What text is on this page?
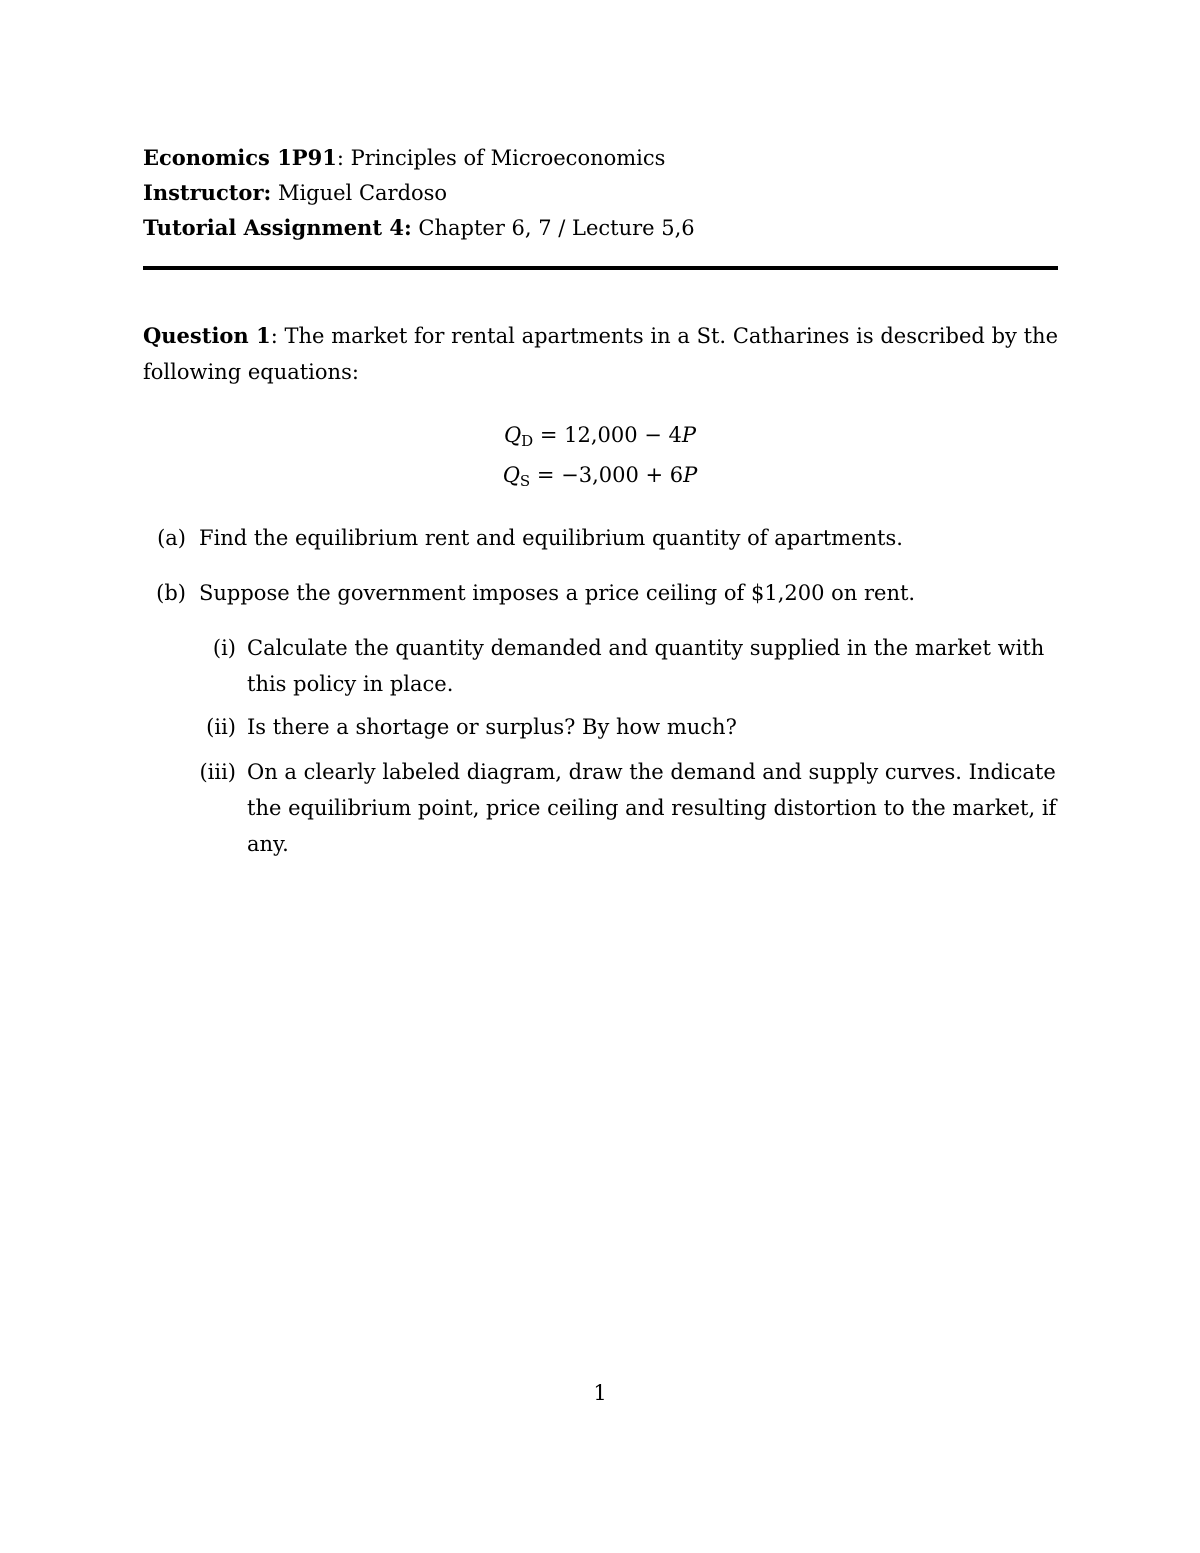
Economics 1P91: Principles of Microeconomics
Instructor: Miguel Cardoso
Tutorial Assignment 4: Chapter 6, 7 / Lecture 5,6
Question 1: The market for rental apartments in a St. Catharines is described by the following equations:
$Q_D = 12,000 - 4P$
$Q_S = -3,000 + 6P$
(a) Find the equilibrium rent and equilibrium quantity of apartments.
(b) Suppose the government imposes a price ceiling of $1,200 on rent.
(i) Calculate the quantity demanded and quantity supplied in the market with this policy in place.
(ii) Is there a shortage or surplus? By how much?
(iii) On a clearly labeled diagram, draw the demand and supply curves. Indicate the equilibrium point, price ceiling and resulting distortion to the market, if any.
1
